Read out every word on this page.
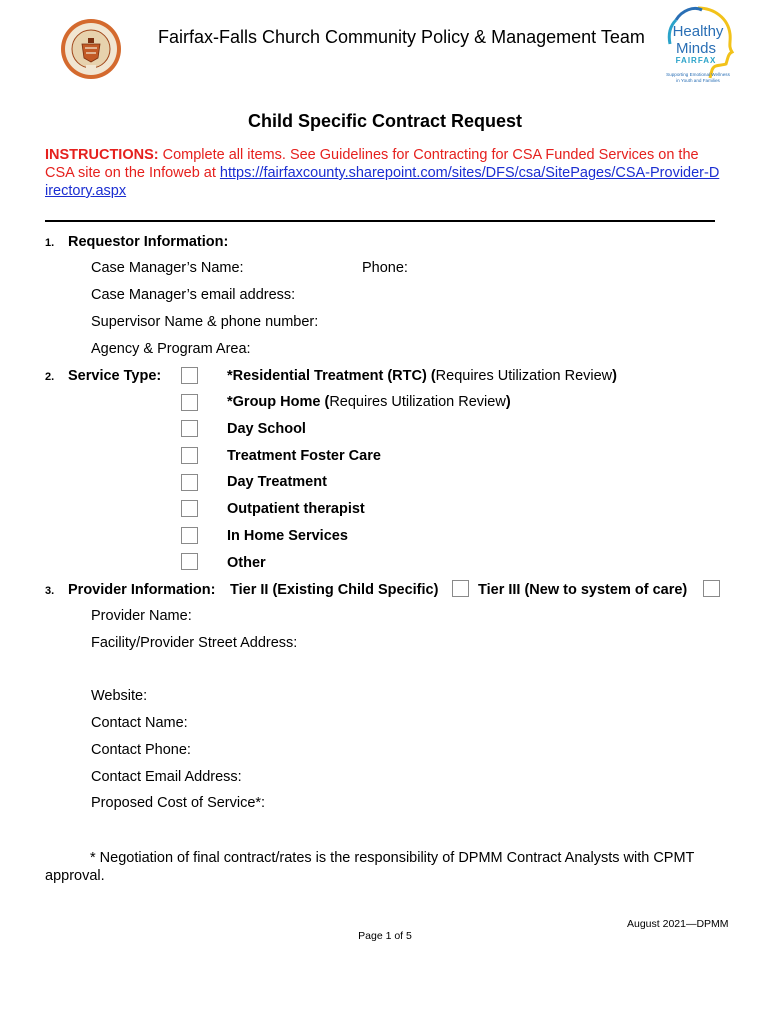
Fairfax-Falls Church Community Policy & Management Team Healthy
Minds
FAIRFAX
Supporting Emotional Wellness
in Youth and Families
Child Specific Contract Request
INSTRUCTIONS: Complete all items. See Guidelines for Contracting for CSA Funded Services on the CSA site on the Infoweb at https://fairfaxcounty.sharepoint.com/sites/DFS/csa/SitePages/CSA-Provider-Directory.aspx
1. Requestor Information:
Case Manager’s Name:	Phone:
Case Manager’s email address:
Supervisor Name & phone number:
Agency & Program Area:
2. Service Type:	*Residential Treatment (RTC) (Requires Utilization Review)
*Group Home (Requires Utilization Review)
Day School
Treatment Foster Care
Day Treatment
Outpatient therapist
In Home Services
Other
3. Provider Information: Tier II (Existing Child Specific)	Tier III (New to system of care)
Provider Name:
Facility/Provider Street Address:
Website:
Contact Name:
Contact Phone:
Contact Email Address:
Proposed Cost of Service*:
* Negotiation of final contract/rates is the responsibility of DPMM Contract Analysts with CPMT approval.
August 2021—DPMM
Page 1 of 5
